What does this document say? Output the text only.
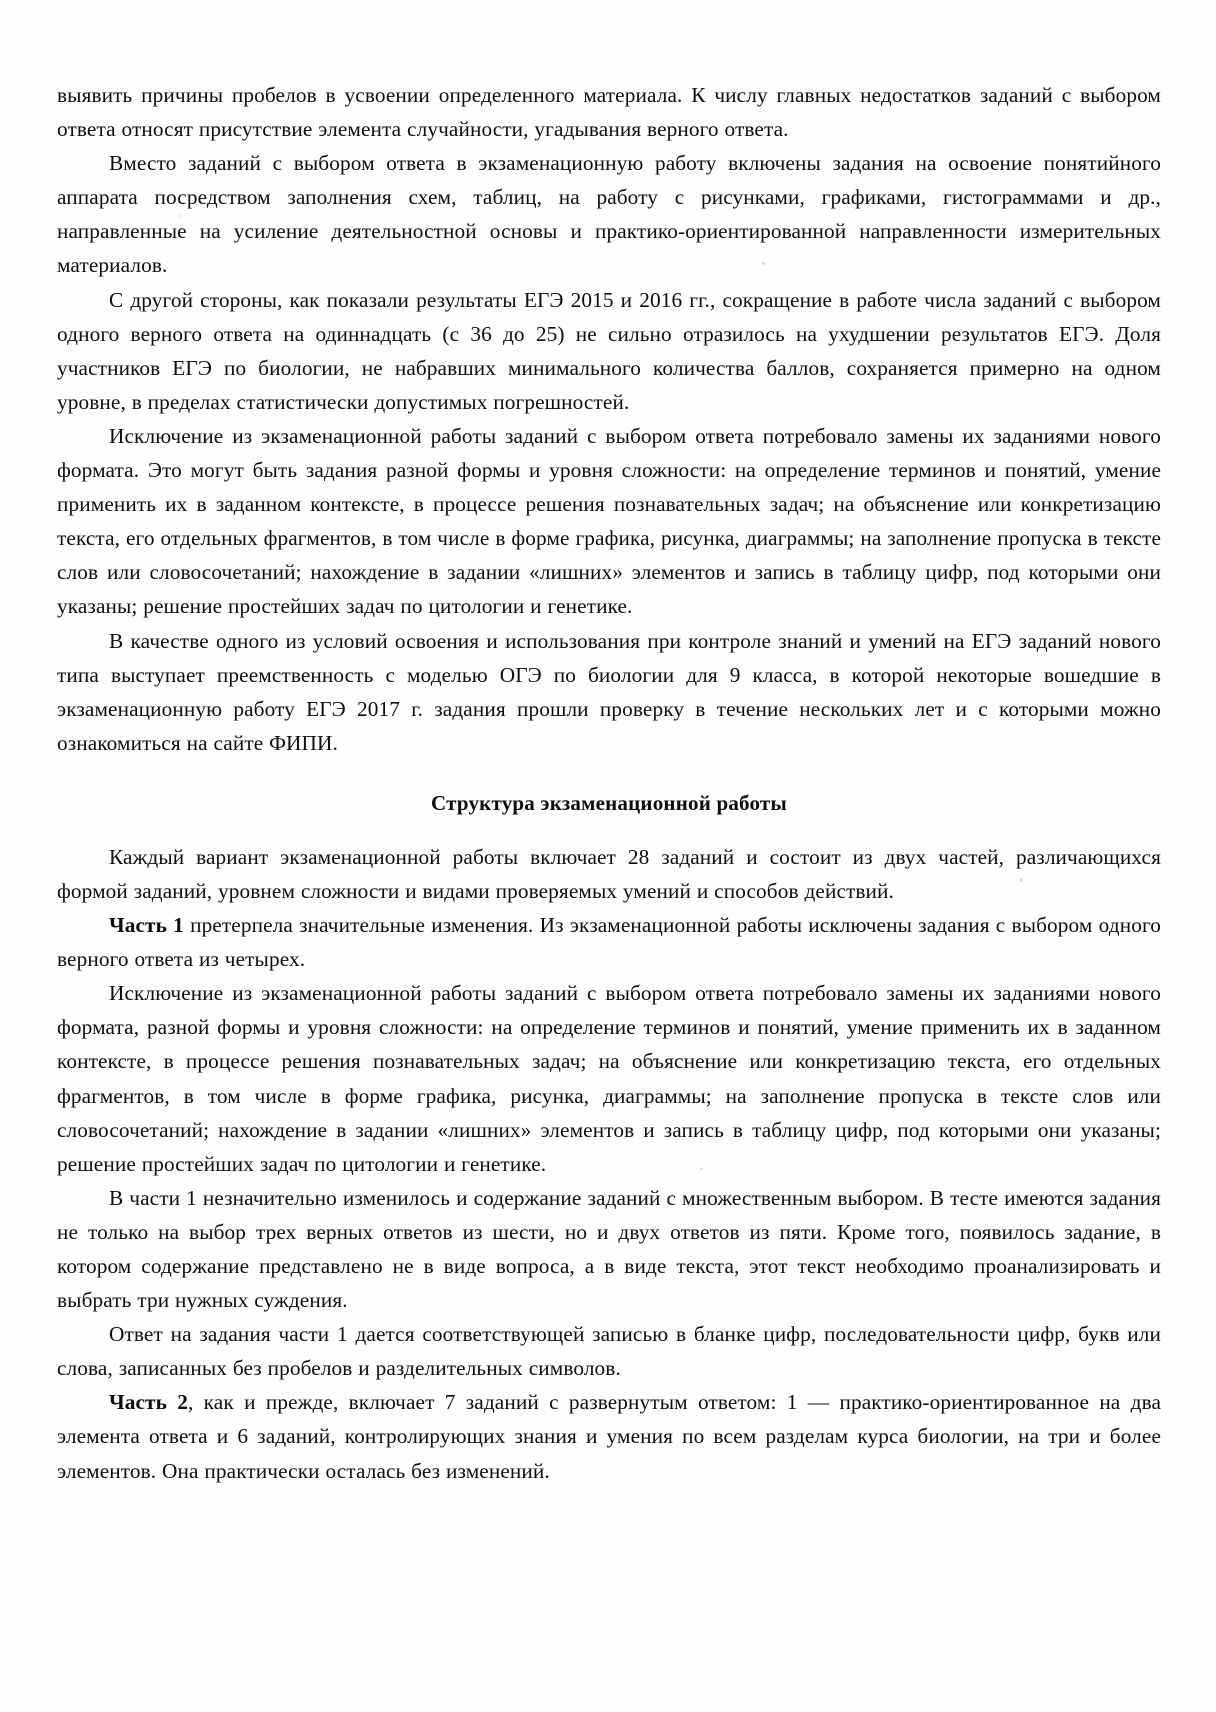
выявить причины пробелов в усвоении определенного материала. К числу главных недостатков заданий с выбором ответа относят присутствие элемента случайности, угадывания верного ответа.

Вместо заданий с выбором ответа в экзаменационную работу включены задания на освоение понятийного аппарата посредством заполнения схем, таблиц, на работу с рисунками, графиками, гистограммами и др., направленные на усиление деятельностной основы и практико-ориентированной направленности измерительных материалов.

С другой стороны, как показали результаты ЕГЭ 2015 и 2016 гг., сокращение в работе числа заданий с выбором одного верного ответа на одиннадцать (с 36 до 25) не сильно отразилось на ухудшении результатов ЕГЭ. Доля участников ЕГЭ по биологии, не набравших минимального количества баллов, сохраняется примерно на одном уровне, в пределах статистически допустимых погрешностей.

Исключение из экзаменационной работы заданий с выбором ответа потребовало замены их заданиями нового формата. Это могут быть задания разной формы и уровня сложности: на определение терминов и понятий, умение применить их в заданном контексте, в процессе решения познавательных задач; на объяснение или конкретизацию текста, его отдельных фрагментов, в том числе в форме графика, рисунка, диаграммы; на заполнение пропуска в тексте слов или словосочетаний; нахождение в задании «лишних» элементов и запись в таблицу цифр, под которыми они указаны; решение простейших задач по цитологии и генетике.

В качестве одного из условий освоения и использования при контроле знаний и умений на ЕГЭ заданий нового типа выступает преемственность с моделью ОГЭ по биологии для 9 класса, в которой некоторые вошедшие в экзаменационную работу ЕГЭ 2017 г. задания прошли проверку в течение нескольких лет и с которыми можно ознакомиться на сайте ФИПИ.

Структура экзаменационной работы

Каждый вариант экзаменационной работы включает 28 заданий и состоит из двух частей, различающихся формой заданий, уровнем сложности и видами проверяемых умений и способов действий.

Часть 1 претерпела значительные изменения. Из экзаменационной работы исключены задания с выбором одного верного ответа из четырех.

Исключение из экзаменационной работы заданий с выбором ответа потребовало замены их заданиями нового формата, разной формы и уровня сложности: на определение терминов и понятий, умение применить их в заданном контексте, в процессе решения познавательных задач; на объяснение или конкретизацию текста, его отдельных фрагментов, в том числе в форме графика, рисунка, диаграммы; на заполнение пропуска в тексте слов или словосочетаний; нахождение в задании «лишних» элементов и запись в таблицу цифр, под которыми они указаны; решение простейших задач по цитологии и генетике.

В части 1 незначительно изменилось и содержание заданий с множественным выбором. В тесте имеются задания не только на выбор трех верных ответов из шести, но и двух ответов из пяти. Кроме того, появилось задание, в котором содержание представлено не в виде вопроса, а в виде текста, этот текст необходимо проанализировать и выбрать три нужных суждения.

Ответ на задания части 1 дается соответствующей записью в бланке цифр, последовательности цифр, букв или слова, записанных без пробелов и разделительных символов.

Часть 2, как и прежде, включает 7 заданий с развернутым ответом: 1 — практико-ориентированное на два элемента ответа и 6 заданий, контролирующих знания и умения по всем разделам курса биологии, на три и более элементов. Она практически осталась без изменений.
